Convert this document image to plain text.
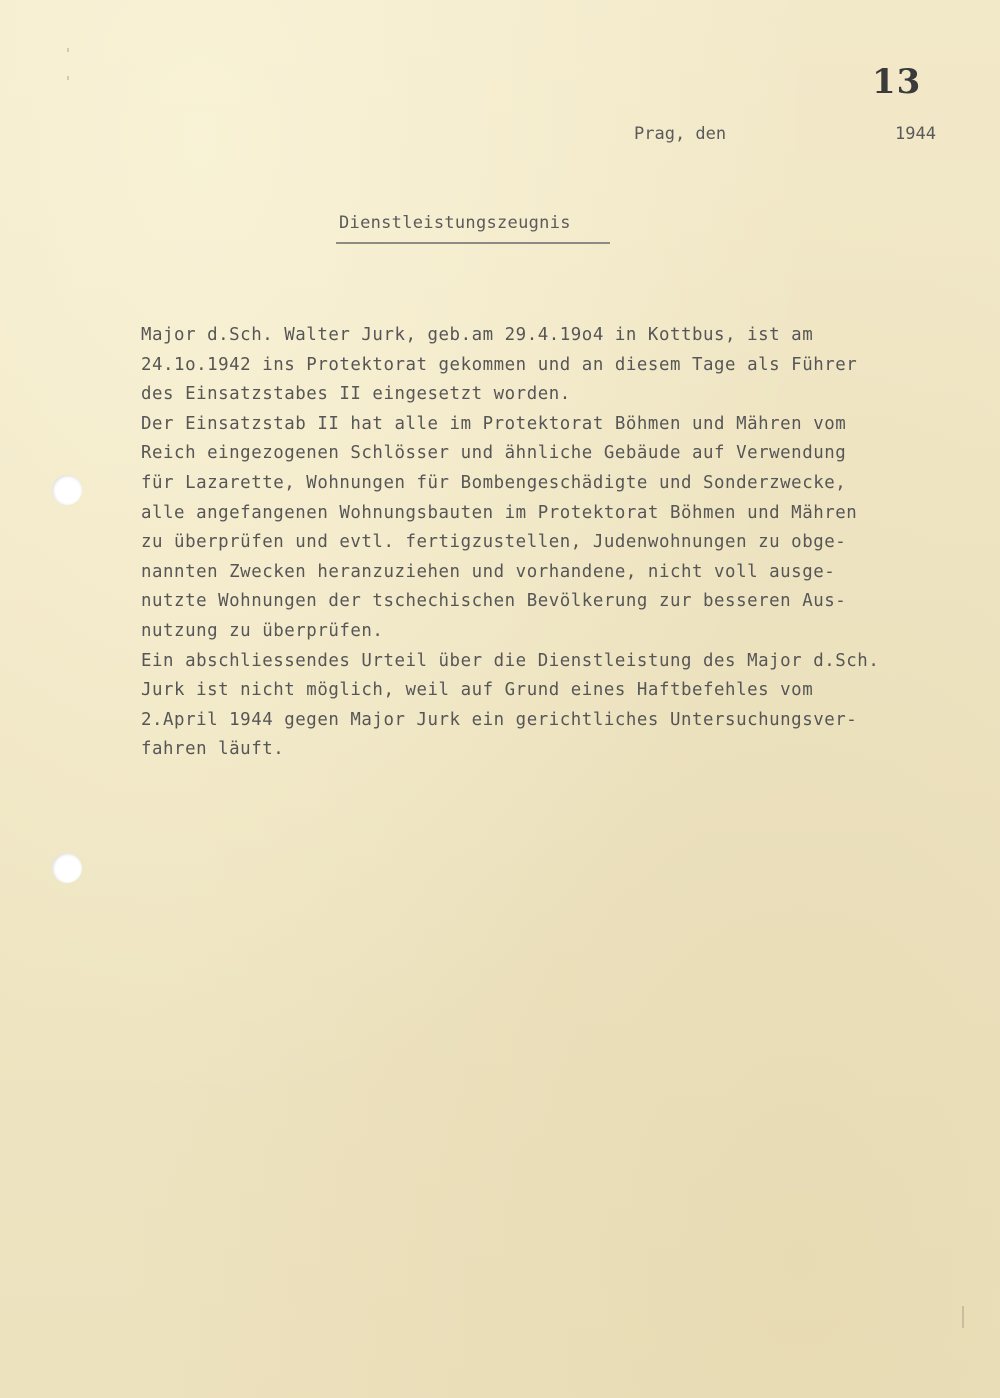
13
Prag, den	1944
Dienstleistungszeugnis
Major d.Sch. Walter Jurk, geb.am 29.4.19o4 in Kottbus, ist am
24.1o.1942 ins Protektorat gekommen und an diesem Tage als Führer
des Einsatzstabes II eingesetzt worden.
Der Einsatzstab II hat alle im Protektorat Böhmen und Mähren vom
Reich eingezogenen Schlösser und ähnliche Gebäude auf Verwendung
für Lazarette, Wohnungen für Bombengeschädigte und Sonderzwecke,
alle angefangenen Wohnungsbauten im Protektorat Böhmen und Mähren
zu überprüfen und evtl. fertigzustellen, Judenwohnungen zu obge-
nannten Zwecken heranzuziehen und vorhandene, nicht voll ausge-
nutzte Wohnungen der tschechischen Bevölkerung zur besseren Aus-
nutzung zu überprüfen.
Ein abschliessendes Urteil über die Dienstleistung des Major d.Sch.
Jurk ist nicht möglich, weil auf Grund eines Haftbefehles vom
2.April 1944 gegen Major Jurk ein gerichtliches Untersuchungsver-
fahren läuft.
